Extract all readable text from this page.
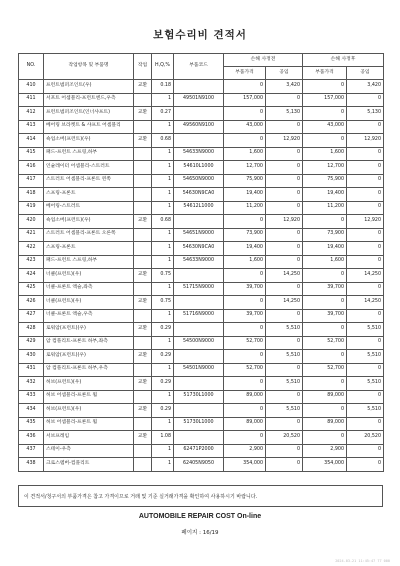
보험수리비 견적서
NO.	작업항목 및 부품명	작업	H,Q,%	부품코드	손해 사정전		손해 사정후	
					부품가격	공임	부품가격	공임
410	프런트범퍼조인트(우)	교환	0.18		0	3,420	0	3,420
411	서포트 어셈블리-프런트엔드,우측		1	49501N9100	157,000	0	157,000	0
412	프런트범퍼조인트(인너샤프트)	교환	0.27		0	5,130	0	5,130
413	베어링 브라켓트 & 샤프트 어셈블리		1	49560N9100	43,000	0	43,000	0
414	쇽업소버(프런트)(우)	교환	0.68		0	12,920	0	12,920
415	패드-프런트 스프링,하부		1	54633N9000	1,600	0	1,600	0
416	인슐레이터 어셈블리-스트러트		1	54610L1000	12,700	0	12,700	0
417	스트러트 어셈블리-프론트 왼쪽		1	54650N9000	75,900	0	75,900	0
418	스프링-프론트		1	54630N9CA0	19,400	0	19,400	0
419	베어링-스트러트		1	54612L1000	11,200	0	11,200	0
420	쇽업소버(프런트)(우)	교환	0.68		0	12,920	0	12,920
421	스트러트 어셈블리-프론트 오른쪽		1	54651N9000	73,900	0	73,900	0
422	스프링-프론트		1	54630N9CA0	19,400	0	19,400	0
423	패드-프런트 스프링,하부		1	54633N9000	1,600	0	1,600	0
424	너클(프런트)(우)	교환	0.75		0	14,250	0	14,250
425	너클-프론트 액슬,좌측		1	51715N9000	39,700	0	39,700	0
426	너클(프런트)(우)	교환	0.75		0	14,250	0	14,250
427	너클-프론트 액슬,우측		1	51716N9000	39,700	0	39,700	0
428	로워암(프런트)(우)	교환	0.29		0	5,510	0	5,510
429	암 컴플리트-프론트 하부,좌측		1	54500N9000	52,700	0	52,700	0
430	로워암(프런트)(우)	교환	0.29		0	5,510	0	5,510
431	암 컴플리트-프론트 하부,우측		1	54501N9000	52,700	0	52,700	0
432	허브(프런트)(우)	교환	0.29		0	5,510	0	5,510
433	허브 어셈블리-프론트 휠		1	51730L1000	89,000	0	89,000	0
434	허브(프런트)(우)	교환	0.29		0	5,510	0	5,510
435	허브 어셈블리-프론트 휠		1	51730L1000	89,000	0	89,000	0
436	서브프레임	교환	1.08		0	20,520	0	20,520
437	스테이-우측		1	62471P2000	2,900	0	2,900	0
438	크로스멤버-컴플리트		1	62405N9050	354,000	0	354,000	0
이 견적서/청구서의 부품가격은 참고 가격이므로 거래 및 기준 실거래가격을 확인하여 사용하시기 바랍니다.
AUTOMOBILE REPAIR COST On-line
페이지 : 16/19
2024-03-21 11:45:47 77 000
